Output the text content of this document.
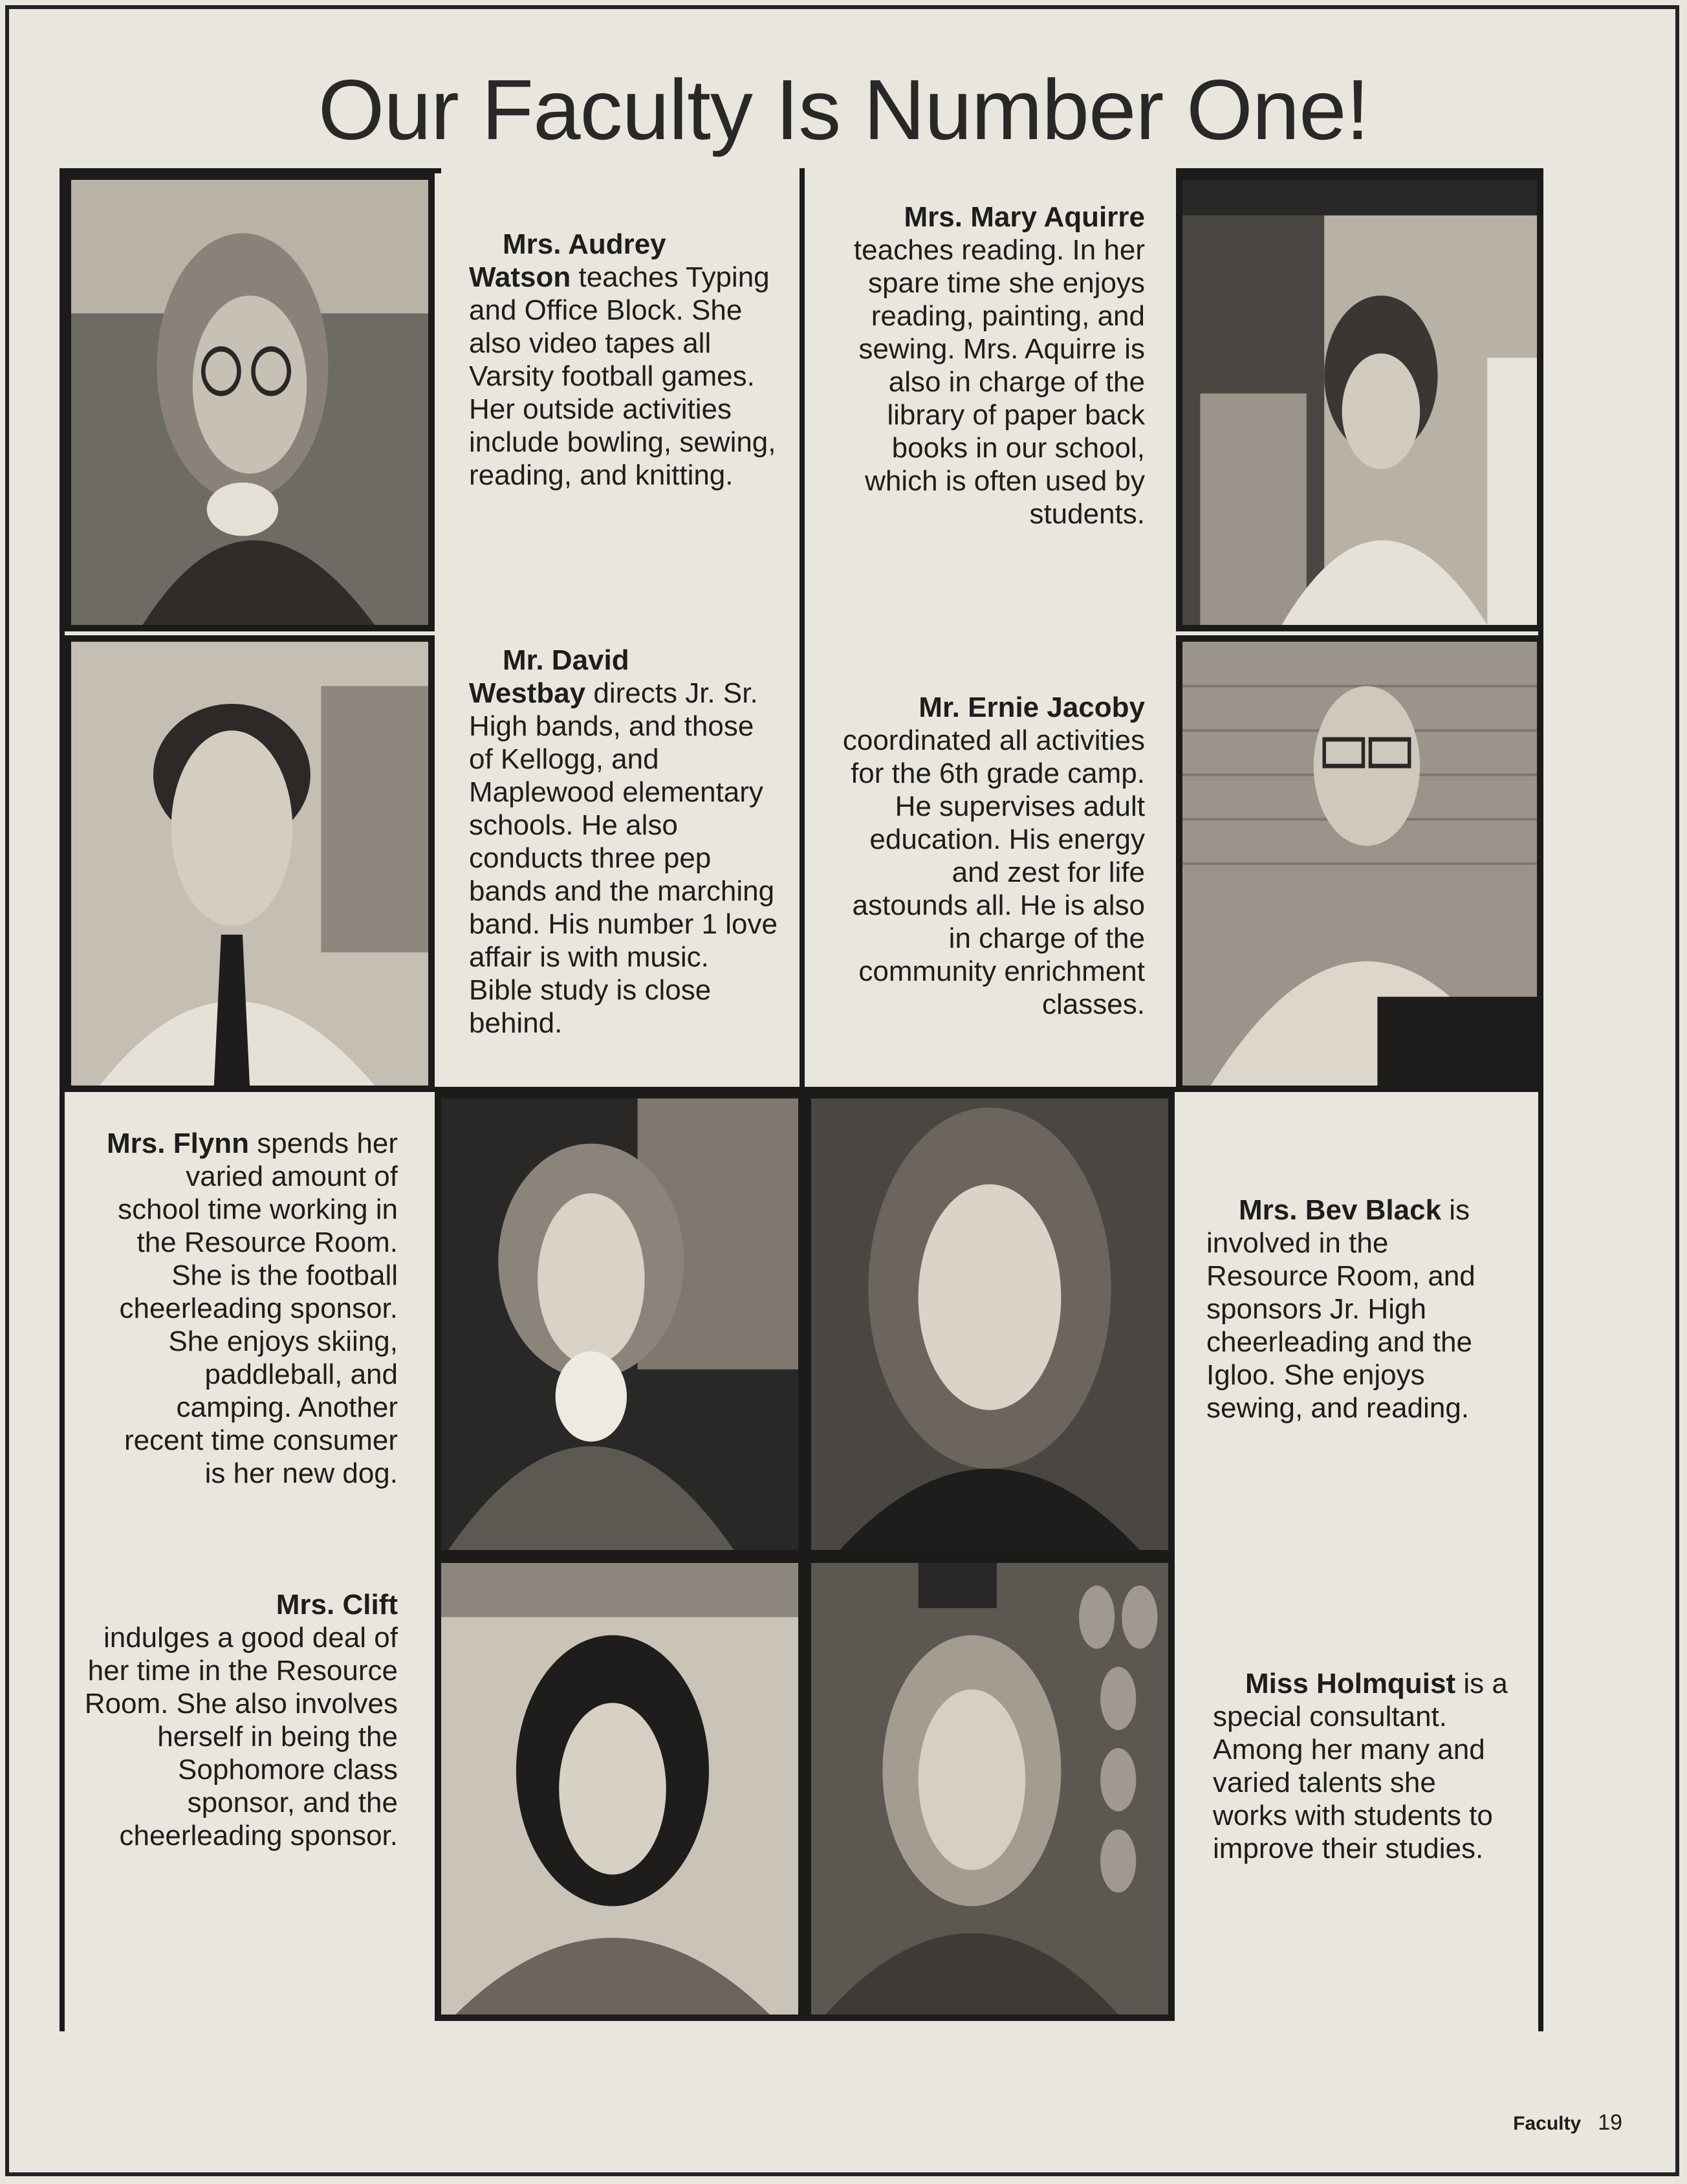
Our Faculty Is Number One!
Mrs. Audrey
Watson teaches Typing and Office Block. She also video tapes all Varsity football games. Her outside activities include bowling, sewing, reading, and knitting.
Mrs. Mary Aquirre
teaches reading. In her spare time she enjoys reading, painting, and sewing. Mrs. Aquirre is also in charge of the library of paper back books in our school, which is often used by students.
Mr. David
Westbay directs Jr. Sr. High bands, and those of Kellogg, and Maplewood elementary schools. He also conducts three pep bands and the marching band. His number 1 love affair is with music. Bible study is close behind.
Mr. Ernie Jacoby
coordinated all activities for the 6th grade camp. He supervises adult education. His energy and zest for life astounds all. He is also in charge of the community enrichment classes.
Mrs. Flynn spends her varied amount of school time working in the Resource Room. She is the football cheerleading sponsor. She enjoys skiing, paddleball, and camping. Another recent time consumer is her new dog.
Mrs. Bev Black is involved in the Resource Room, and sponsors Jr. High cheerleading and the Igloo. She enjoys sewing, and reading.
Mrs. Clift
indulges a good deal of her time in the Resource Room. She also involves herself in being the Sophomore class sponsor, and the cheerleading sponsor.
Miss Holmquist is a special consultant. Among her many and varied talents she works with students to improve their studies.
Faculty 19
